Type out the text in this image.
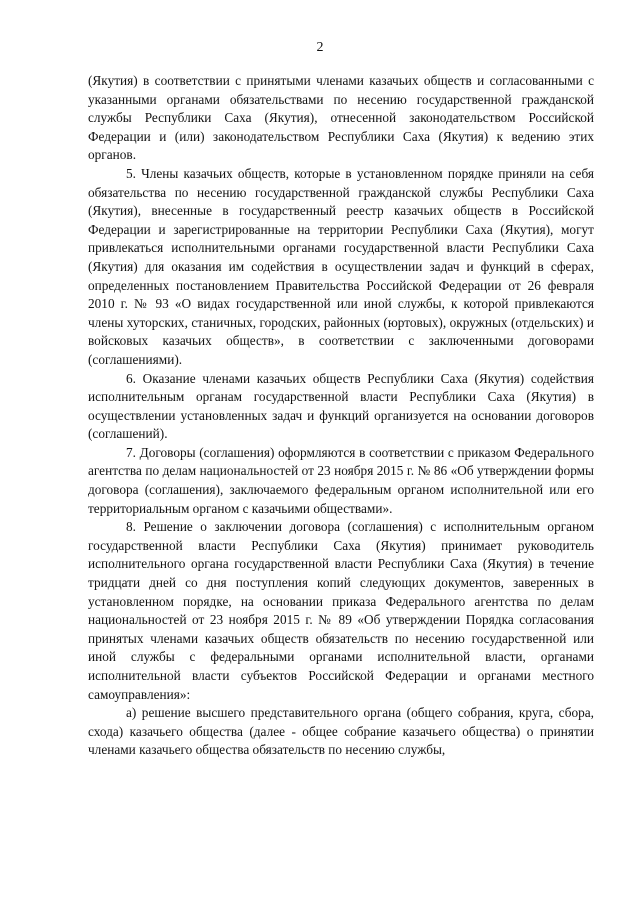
2

(Якутия) в соответствии с принятыми членами казачьих обществ и согласованными с указанными органами обязательствами по несению государственной гражданской службы Республики Саха (Якутия), отнесенной законодательством Российской Федерации и (или) законодательством Республики Саха (Якутия) к ведению этих органов.

5. Члены казачьих обществ, которые в установленном порядке приняли на себя обязательства по несению государственной гражданской службы Республики Саха (Якутия), внесенные в государственный реестр казачьих обществ в Российской Федерации и зарегистрированные на территории Республики Саха (Якутия), могут привлекаться исполнительными органами государственной власти Республики Саха (Якутия) для оказания им содействия в осуществлении задач и функций в сферах, определенных постановлением Правительства Российской Федерации от 26 февраля 2010 г. № 93 «О видах государственной или иной службы, к которой привлекаются члены хуторских, станичных, городских, районных (юртовых), окружных (отдельских) и войсковых казачьих обществ», в соответствии с заключенными договорами (соглашениями).

6. Оказание членами казачьих обществ Республики Саха (Якутия) содействия исполнительным органам государственной власти Республики Саха (Якутия) в осуществлении установленных задач и функций организуется на основании договоров (соглашений).

7. Договоры (соглашения) оформляются в соответствии с приказом Федерального агентства по делам национальностей от 23 ноября 2015 г. № 86 «Об утверждении формы договора (соглашения), заключаемого федеральным органом исполнительной или его территориальным органом с казачьими обществами».

8. Решение о заключении договора (соглашения) с исполнительным органом государственной власти Республики Саха (Якутия) принимает руководитель исполнительного органа государственной власти Республики Саха (Якутия) в течение тридцати дней со дня поступления копий следующих документов, заверенных в установленном порядке, на основании приказа Федерального агентства по делам национальностей от 23 ноября 2015 г. № 89 «Об утверждении Порядка согласования принятых членами казачьих обществ обязательств по несению государственной или иной службы с федеральными органами исполнительной власти, органами исполнительной власти субъектов Российской Федерации и органами местного самоуправления»:

а) решение высшего представительного органа (общего собрания, круга, сбора, схода) казачьего общества (далее - общее собрание казачьего общества) о принятии членами казачьего общества обязательств по несению службы,
